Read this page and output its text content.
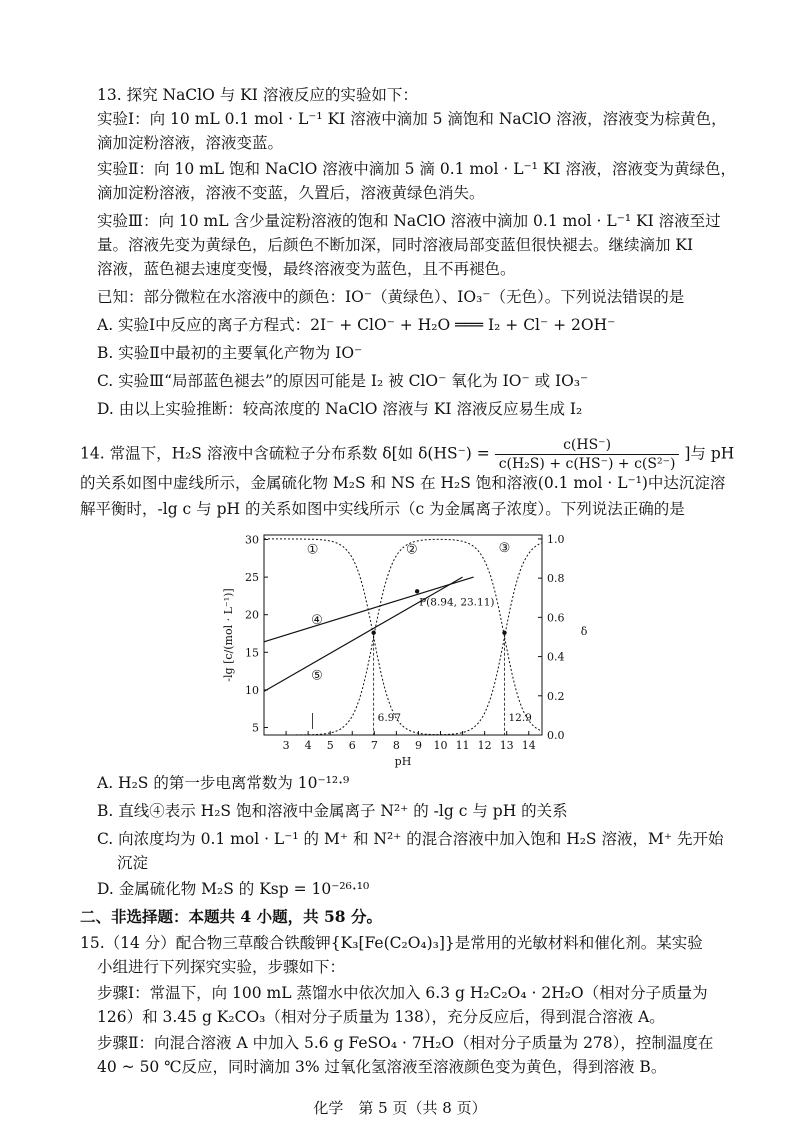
13. 探究 NaClO 与 KI 溶液反应的实验如下：
实验Ⅰ：向 10 mL 0.1 mol · L⁻¹ KI 溶液中滴加 5 滴饱和 NaClO 溶液，溶液变为棕黄色，
滴加淀粉溶液，溶液变蓝。
实验Ⅱ：向 10 mL 饱和 NaClO 溶液中滴加 5 滴 0.1 mol · L⁻¹ KI 溶液，溶液变为黄绿色，
滴加淀粉溶液，溶液不变蓝，久置后，溶液黄绿色消失。
实验Ⅲ：向 10 mL 含少量淀粉溶液的饱和 NaClO 溶液中滴加 0.1 mol · L⁻¹ KI 溶液至过
量。溶液先变为黄绿色，后颜色不断加深，同时溶液局部变蓝但很快褪去。继续滴加 KI
溶液，蓝色褪去速度变慢，最终溶液变为蓝色，且不再褪色。
已知：部分微粒在水溶液中的颜色：IO⁻（黄绿色）、IO₃⁻（无色）。下列说法错误的是
A. 实验Ⅰ中反应的离子方程式：2I⁻ + ClO⁻ + H₂O ═══ I₂ + Cl⁻ + 2OH⁻
B. 实验Ⅱ中最初的主要氧化产物为 IO⁻
C. 实验Ⅲ“局部蓝色褪去”的原因可能是 I₂ 被 ClO⁻ 氧化为 IO⁻ 或 IO₃⁻
D. 由以上实验推断：较高浓度的 NaClO 溶液与 KI 溶液反应易生成 I₂
14. 常温下，H₂S 溶液中含硫粒子分布系数 δ[如 $\delta(HS^-) = \frac{c(HS^-)}{\text{c(H₂S) + c(HS⁻) + c(S²⁻)}}$ ]与 pH
的关系如图中虚线所示，金属硫化物 M₂S 和 NS 在 H₂S 饱和溶液(0.1 mol · L⁻¹)中达沉淀溶
解平衡时，-lg c 与 pH 的关系如图中实线所示（c 为金属离子浓度）。下列说法正确的是
3 4 5 6 7 8 9 10 11 12 13 14
pH
5
10
15
20
25
30
-lg [c/(mol · L⁻¹)]
0.0
0.2
0.4
0.6
0.8
1.0
δ
①	②	③
④
⑤
P(8.94, 23.11)
6.97	12.9
A. H₂S 的第一步电离常数为 10⁻¹²·⁹
B. 直线④表示 H₂S 饱和溶液中金属离子 N²⁺ 的 -lg c 与 pH 的关系
C. 向浓度均为 0.1 mol · L⁻¹ 的 M⁺ 和 N²⁺ 的混合溶液中加入饱和 H₂S 溶液，M⁺ 先开始
沉淀
D. 金属硫化物 M₂S 的 Ksp = 10⁻²⁶·¹⁰
二、非选择题：本题共 4 小题，共 58 分。
15.（14 分）配合物三草酸合铁酸钾{K₃[Fe(C₂O₄)₃]}是常用的光敏材料和催化剂。某实验
小组进行下列探究实验，步骤如下：
步骤Ⅰ：常温下，向 100 mL 蒸馏水中依次加入 6.3 g H₂C₂O₄ · 2H₂O（相对分子质量为
126）和 3.45 g K₂CO₃（相对分子质量为 138），充分反应后，得到混合溶液 A。
步骤Ⅱ：向混合溶液 A 中加入 5.6 g FeSO₄ · 7H₂O（相对分子质量为 278），控制温度在
40 ~ 50 ℃反应，同时滴加 3% 过氧化氢溶液至溶液颜色变为黄色，得到溶液 B。
化学　第 5 页（共 8 页）
